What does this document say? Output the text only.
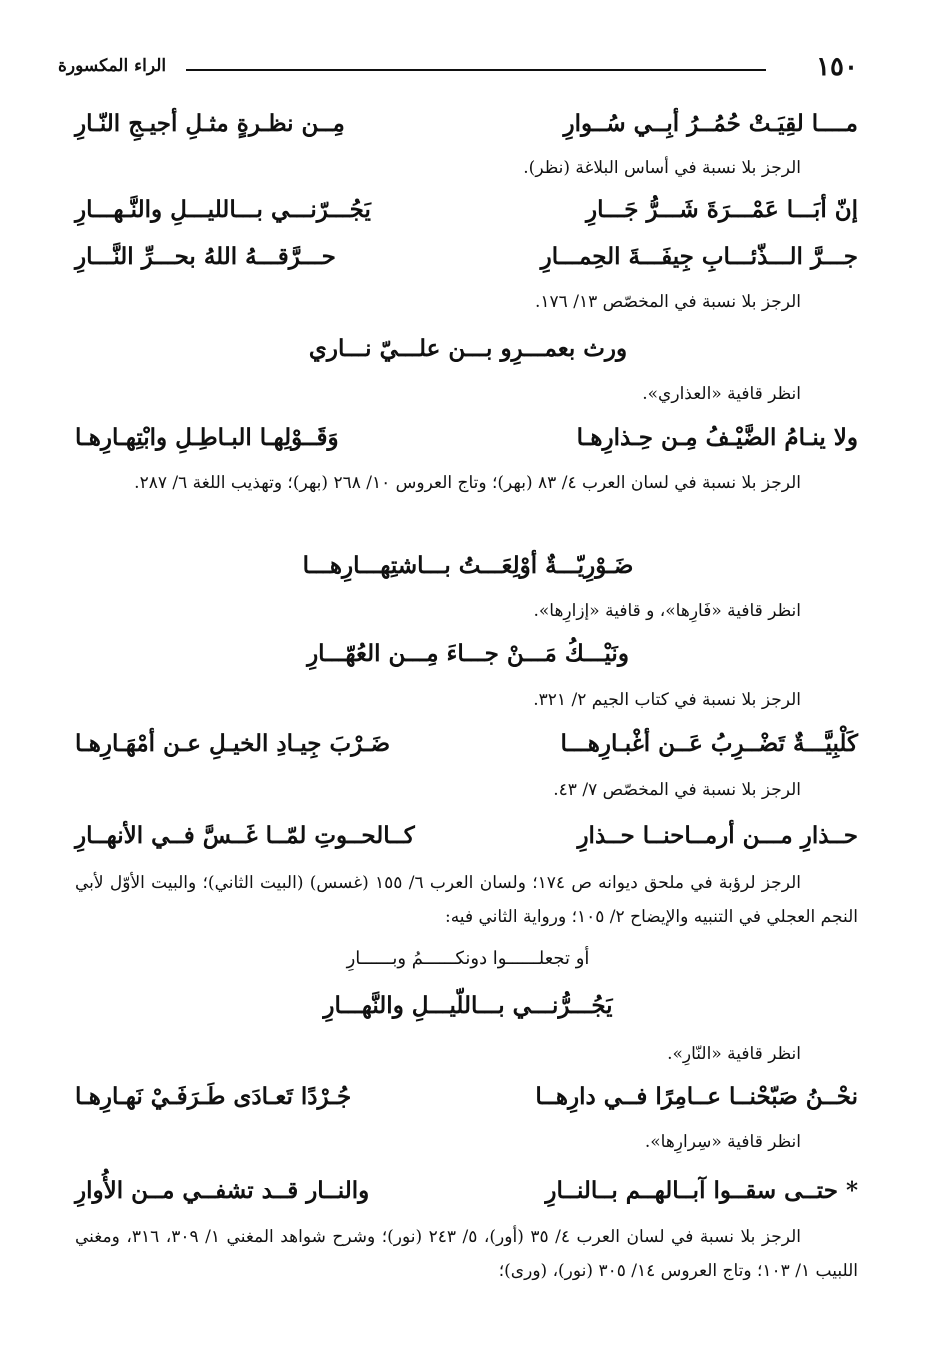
١٥٠
الراء المكسورة
مــــا لقِيَـتْ حُمُــرُ أبِــي سُــوارِ
مِــن نظـرةٍ مثـلِ أجيـجِ النّـارِ
الرجز بلا نسبة في أساس البلاغة (نظر).
إنّ أبَـــا عَمْـــرَةَ شَـــرُّ جَـــارِ
يَجُـــرّنـــي بـــالليـــلِ والنَّـهـــارِ
جـــرَّ الـــذّئـــابِ جِيفَـــةَ الحِمـــارِ
حـــرَّقـــهُ اللهُ بحـــرِّ النَّـــارِ
الرجز بلا نسبة في المخصّص ١٣/ ١٧٦.
ورث بعمـــرِو بـــن علـــيّ نـــاري
انظر قافية «العذاري».
ولا ينـامُ الضَّيْـفُ مِـن حِـذارِهـا
وَقَــوْلِهـا البـاطِـلِ وابْتِهـارِهـا
الرجز بلا نسبة في لسان العرب ٤/ ٨٣ (بهر)؛ وتاج العروس ١٠/ ٢٦٨ (بهر)؛ وتهذيب اللغة ٦/ ٢٨٧.
ضَـوْرِيّـــةٌ أوْلِعَـــتُ بـــاشتِهـــارِهـــا
انظر قافية «فَارِها»، و قافية «إزارِها».
ونَيْـــكُ مَـــنْ جـــاءَ مِـــن العُهّـــارِ
الرجز بلا نسبة في كتاب الجيم ٢/ ٣٢١.
كَلْبِيَّـــةٌ تَضْــرِبُ عَــن أغْبـارِهـــا
ضَـرْبَ جِيـادِ الخيـلِ عـن أمْهَـارِهـا
الرجز بلا نسبة في المخصّص ٧/ ٤٣.
حــذارِ مـــن أرمــاحنــا حــذارِ
كــالحــوتِ لمّــا غَــسَّ فــي الأنهــارِ
الرجز لرؤبة في ملحق ديوانه ص ١٧٤؛ ولسان العرب ٦/ ١٥٥ (غسس) (البيت الثاني)؛ والبيت الأوّل لأبي النجم العجلي في التنبيه والإيضاح ٢/ ١٠٥؛ ورواية الثاني فيه:
أو تجعلــــــوا دونكــــــمُ وبــــــارِ
يَجُـــرُّنـــي بـــاللّيـــلِ والنَّهـــارِ
انظر قافية «النّارِ».
نحْــنُ صَبّحْنــا عــامِرًا فــي دارِهــا
جُـرْدًا تَعـادَى طَـرَفَـيْ نَهـارِهـا
انظر قافية «سِرارِها».
* حتــى سقــوا آبــالهــم بــالنــارِ
والنــار قــد تشفــي مــن الأُوارِ
الرجز بلا نسبة في لسان العرب ٤/ ٣٥ (أور)، ٥/ ٢٤٣ (نور)؛ وشرح شواهد المغني ١/ ٣٠٩، ٣١٦، ومغني اللبيب ١/ ١٠٣؛ وتاج العروس ١٤/ ٣٠٥ (نور)، (ورى)؛
